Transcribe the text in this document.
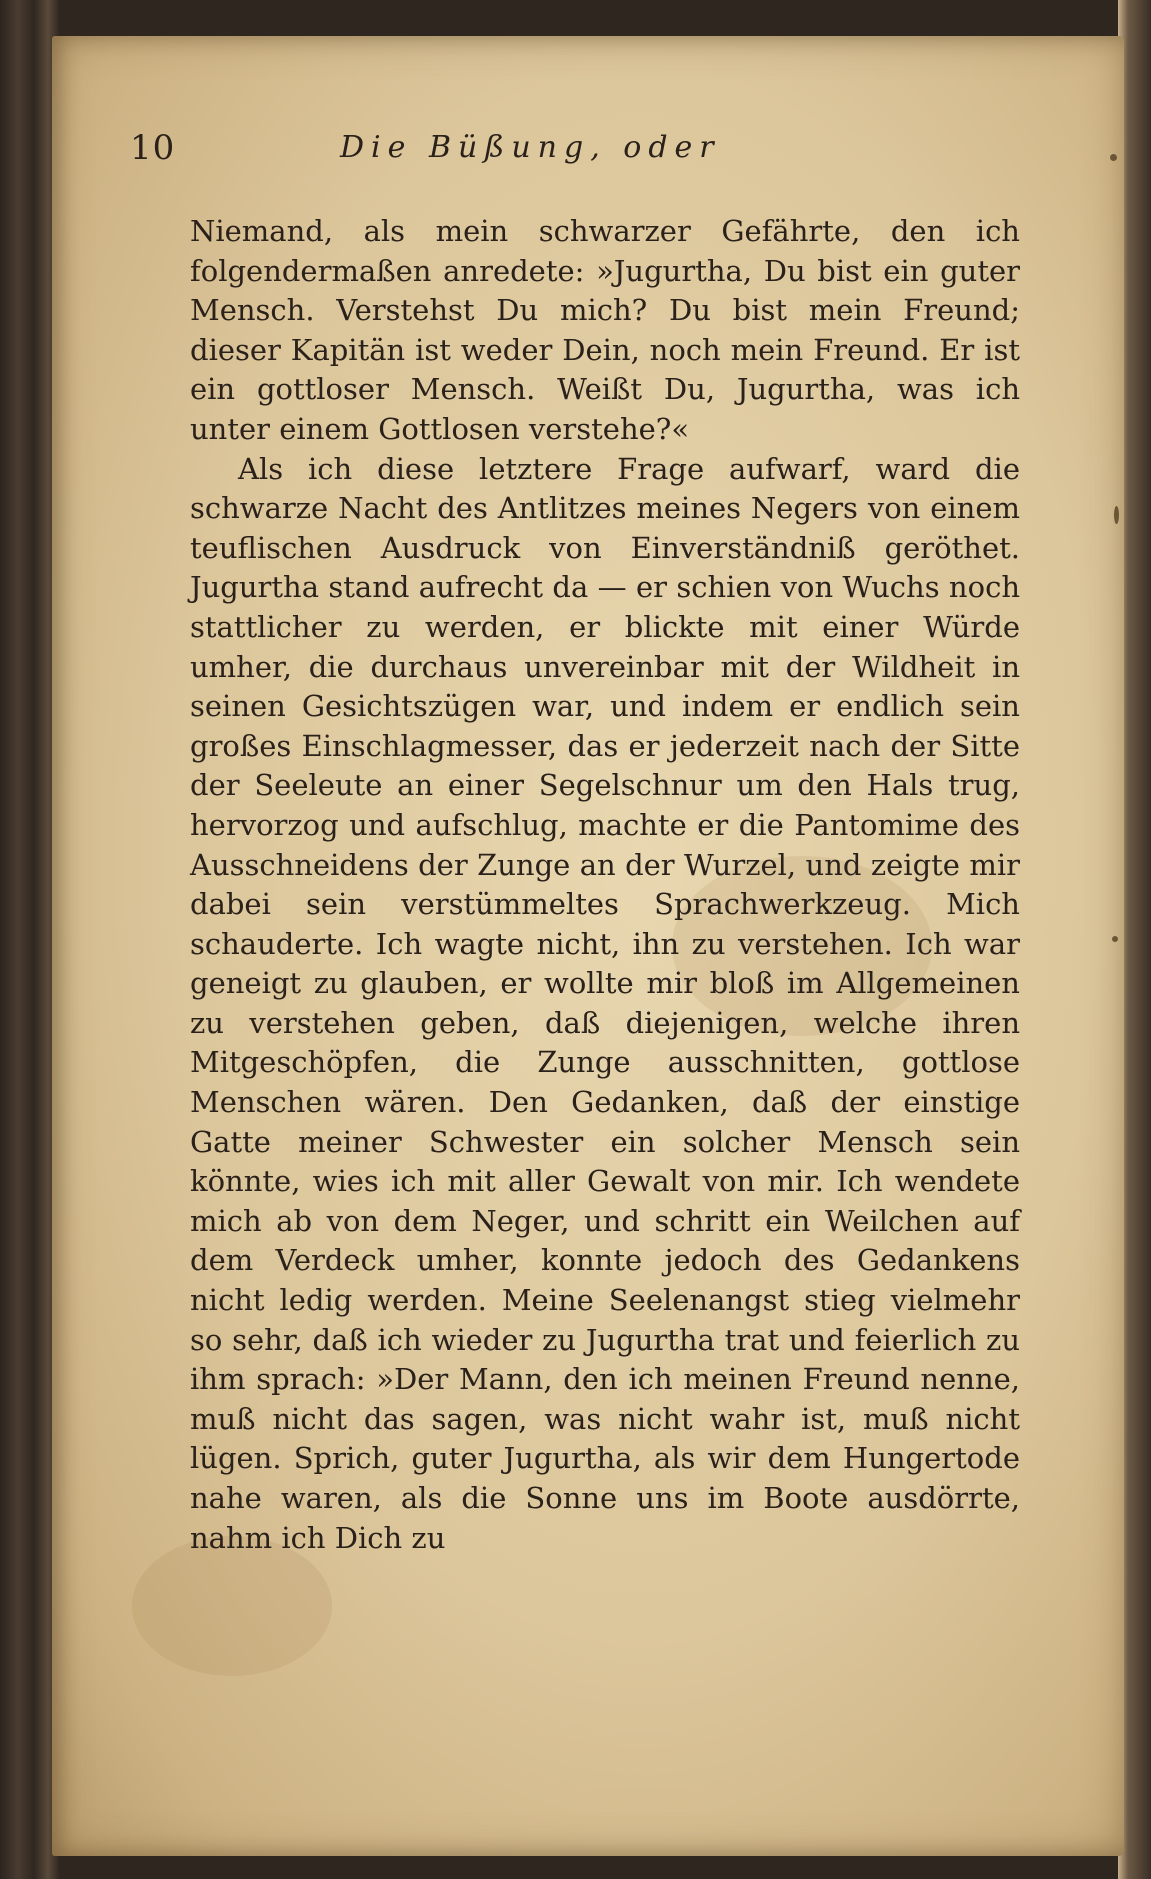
10	Die Büßung, oder

Niemand, als mein schwarzer Gefährte, den ich folgendermaßen anredete: »Jugurtha, Du bist ein guter Mensch. Verstehst Du mich? Du bist mein Freund; dieser Kapitän ist weder Dein, noch mein Freund. Er ist ein gottloser Mensch. Weißt Du, Jugurtha, was ich unter einem Gottlosen verstehe?«

Als ich diese letztere Frage aufwarf, ward die schwarze Nacht des Antlitzes meines Negers von einem teuflischen Ausdruck von Einverständniß geröthet. Jugurtha stand aufrecht da — er schien von Wuchs noch stattlicher zu werden, er blickte mit einer Würde umher, die durchaus unvereinbar mit der Wildheit in seinen Gesichtszügen war, und indem er endlich sein großes Einschlagmesser, das er jederzeit nach der Sitte der Seeleute an einer Segelschnur um den Hals trug, hervorzog und aufschlug, machte er die Pantomime des Ausschneidens der Zunge an der Wurzel, und zeigte mir dabei sein verstümmeltes Sprachwerkzeug. Mich schauderte. Ich wagte nicht, ihn zu verstehen. Ich war geneigt zu glauben, er wollte mir bloß im Allgemeinen zu verstehen geben, daß diejenigen, welche ihren Mitgeschöpfen, die Zunge ausschnitten, gottlose Menschen wären. Den Gedanken, daß der einstige Gatte meiner Schwester ein solcher Mensch sein könnte, wies ich mit aller Gewalt von mir. Ich wendete mich ab von dem Neger, und schritt ein Weilchen auf dem Verdeck umher, konnte jedoch des Gedankens nicht ledig werden. Meine Seelenangst stieg vielmehr so sehr, daß ich wieder zu Jugurtha trat und feierlich zu ihm sprach: »Der Mann, den ich meinen Freund nenne, muß nicht das sagen, was nicht wahr ist, muß nicht lügen. Sprich, guter Jugurtha, als wir dem Hungertode nahe waren, als die Sonne uns im Boote ausdörrte, nahm ich Dich zu
